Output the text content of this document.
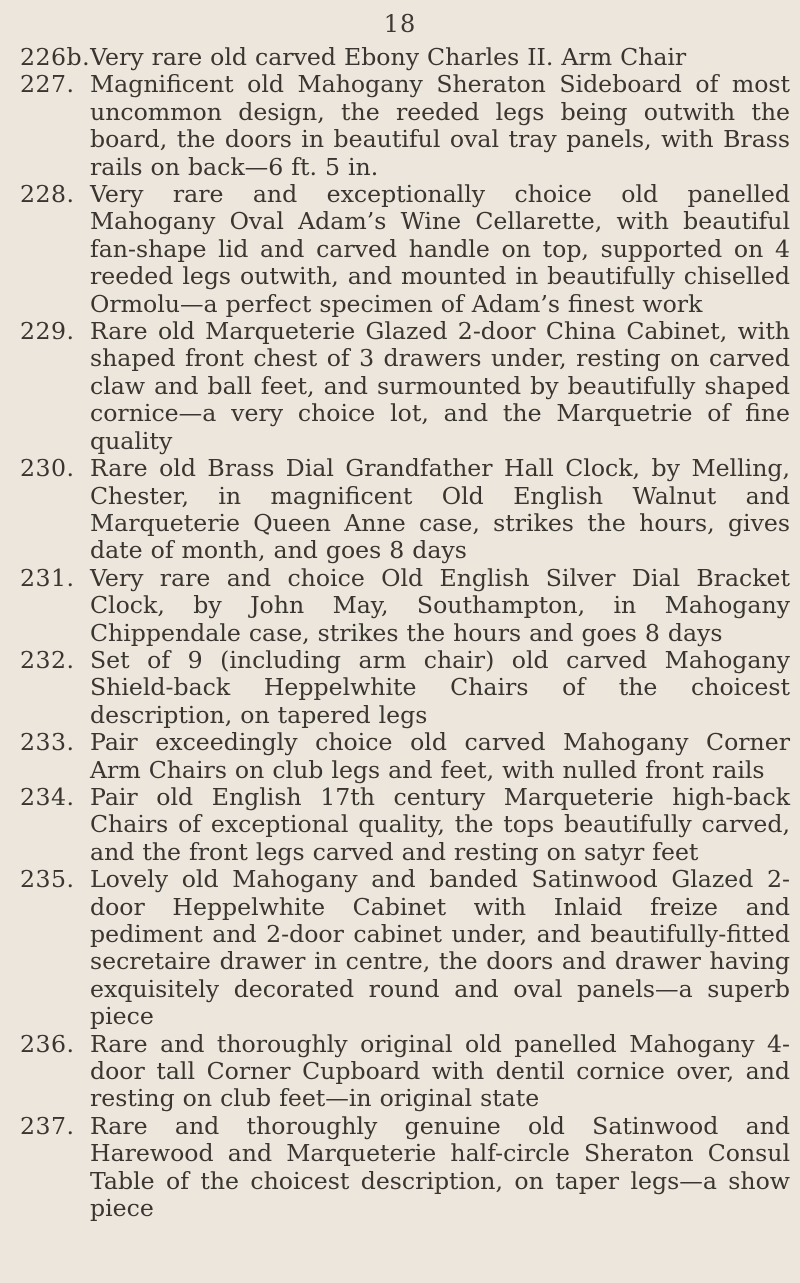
18
226b. Very rare old carved Ebony Charles II. Arm Chair
227. Magnificent old Mahogany Sheraton Sideboard of most uncommon design, the reeded legs being outwith the board, the doors in beautiful oval tray panels, with Brass rails on back—6 ft. 5 in.
228. Very rare and exceptionally choice old panelled Mahogany Oval Adam’s Wine Cellarette, with beautiful fan-shape lid and carved handle on top, supported on 4 reeded legs outwith, and mounted in beautifully chiselled Ormolu—a perfect specimen of Adam’s finest work
229. Rare old Marqueterie Glazed 2-door China Cabinet, with shaped front chest of 3 drawers under, resting on carved claw and ball feet, and surmounted by beautifully shaped cornice—a very choice lot, and the Marquetrie of fine quality
230. Rare old Brass Dial Grandfather Hall Clock, by Melling, Chester, in magnificent Old English Walnut and Marqueterie Queen Anne case, strikes the hours, gives date of month, and goes 8 days
231. Very rare and choice Old English Silver Dial Bracket Clock, by John May, Southampton, in Mahogany Chippendale case, strikes the hours and goes 8 days
232. Set of 9 (including arm chair) old carved Mahogany Shield-back Heppelwhite Chairs of the choicest description, on tapered legs
233. Pair exceedingly choice old carved Mahogany Corner Arm Chairs on club legs and feet, with nulled front rails
234. Pair old English 17th century Marqueterie high-back Chairs of exceptional quality, the tops beautifully carved, and the front legs carved and resting on satyr feet
235. Lovely old Mahogany and banded Satinwood Glazed 2-door Heppelwhite Cabinet with Inlaid freize and pediment and 2-door cabinet under, and beautifully-fitted secretaire drawer in centre, the doors and drawer having exquisitely decorated round and oval panels—a superb piece
236. Rare and thoroughly original old panelled Mahogany 4-door tall Corner Cupboard with dentil cornice over, and resting on club feet—in original state
237. Rare and thoroughly genuine old Satinwood and Harewood and Marqueterie half-circle Sheraton Consul Table of the choicest description, on taper legs—a show piece
